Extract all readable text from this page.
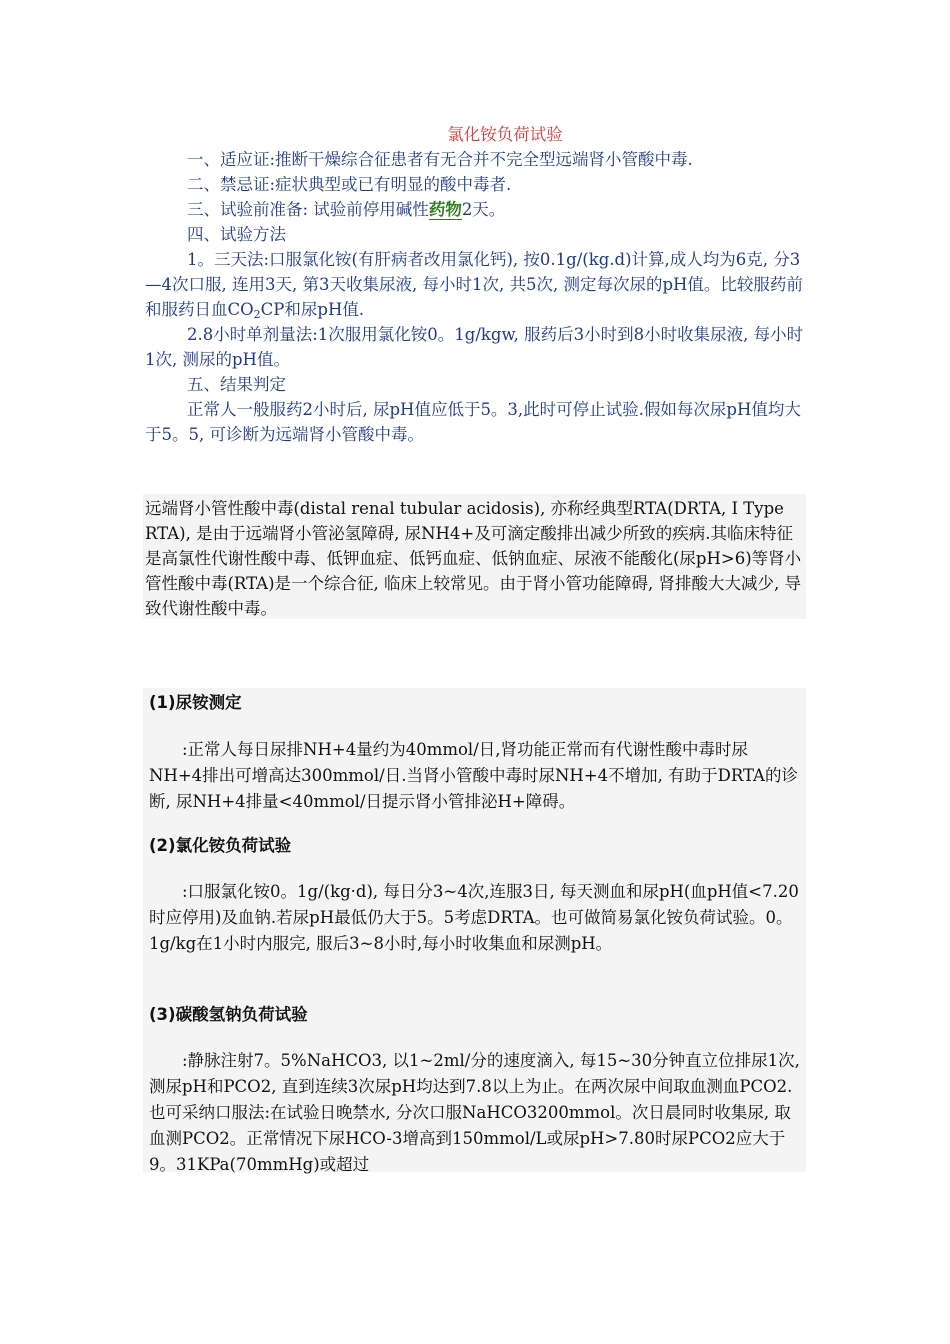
氯化铵负荷试验

一、适应证:推断干燥综合征患者有无合并不完全型远端肾小管酸中毒.

二、禁忌证:症状典型或已有明显的酸中毒者.

三、试验前准备: 试验前停用碱性药物2天。

四、试验方法

1。三天法:口服氯化铵(有肝病者改用氯化钙), 按0.1g/(kg.d)计算,成人均为6克, 分3—4次口服, 连用3天, 第3天收集尿液, 每小时1次, 共5次, 测定每次尿的pH值。比较服药前和服药日血$CO_2CP$和尿pH值.

2.8小时单剂量法:1次服用氯化铵0。1g/kgw, 服药后3小时到8小时收集尿液, 每小时1次, 测尿的pH值。

五、结果判定

正常人一般服药2小时后, 尿pH值应低于5。3,此时可停止试验.假如每次尿pH值均大于5。5, 可诊断为远端肾小管酸中毒。

远端肾小管性酸中毒(distal renal tubular acidosis), 亦称经典型RTA(DRTA, Ⅰ Type RTA), 是由于远端肾小管泌氢障碍, 尿NH4+及可滴定酸排出减少所致的疾病.其临床特征是高氯性代谢性酸中毒、低钾血症、低钙血症、低钠血症、尿液不能酸化(尿pH>6)等肾小管性酸中毒(RTA)是一个综合征, 临床上较常见。由于肾小管功能障碍, 肾排酸大大减少, 导致代谢性酸中毒。

(1)尿铵测定

:正常人每日尿排NH+4量约为40mmol/日,肾功能正常而有代谢性酸中毒时尿NH+4排出可增高达300mmol/日.当肾小管酸中毒时尿NH+4不增加, 有助于DRTA的诊断, 尿NH+4排量<40mmol/日提示肾小管排泌H+障碍。

(2)氯化铵负荷试验

:口服氯化铵0。1g/(kg·d), 每日分3~4次,连服3日, 每天测血和尿pH(血pH值<7.20时应停用)及血钠.若尿pH最低仍大于5。5考虑DRTA。也可做简易氯化铵负荷试验。0。1g/kg在1小时内服完, 服后3~8小时,每小时收集血和尿测pH。

(3)碳酸氢钠负荷试验

:静脉注射7。5%NaHCO3, 以1~2ml/分的速度滴入, 每15~30分钟直立位排尿1次, 测尿pH和PCO2, 直到连续3次尿pH均达到7.8以上为止。在两次尿中间取血测血PCO2.也可采纳口服法:在试验日晚禁水, 分次口服NaHCO3200mmol。次日晨同时收集尿, 取血测PCO2。正常情况下尿HCO-3增高到150mmol/L或尿pH>7.80时尿PCO2应大于9。31KPa(70mmHg)或超过
